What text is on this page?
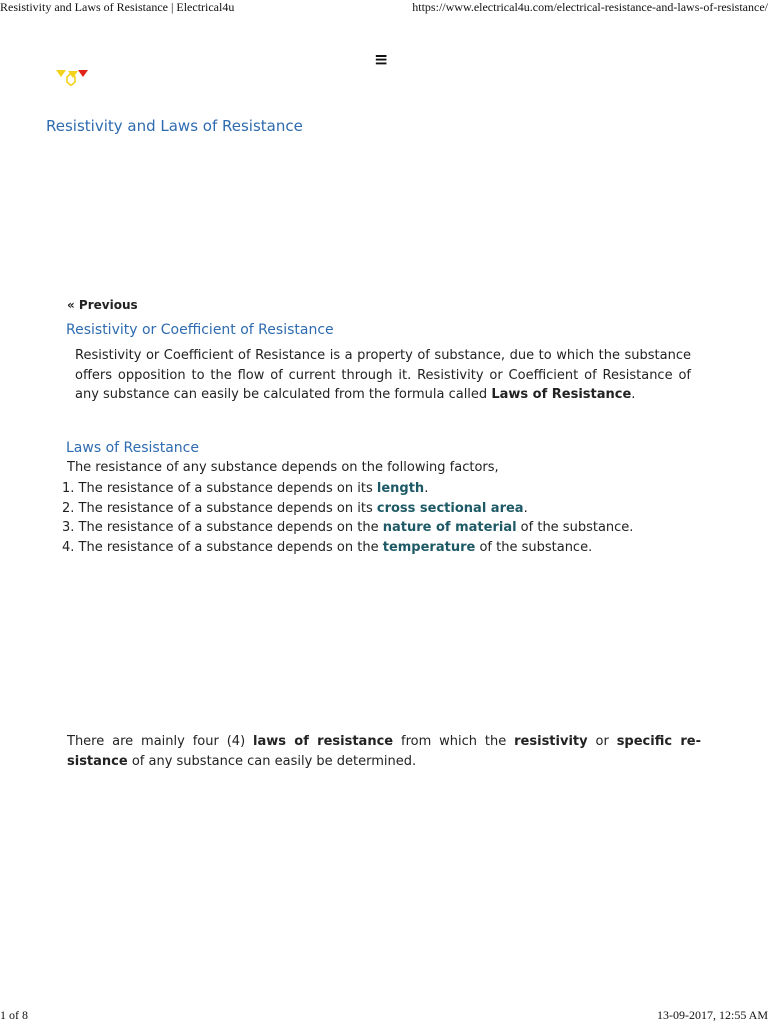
Resistivity and Laws of Resistance | Electrical4u	https://www.electrical4u.com/electrical-resistance-and-laws-of-resistance/
≡
Resistivity and Laws of Resistance
« Previous
Resistivity or Coefficient of Resistance

Resistivity or Coefficient of Resistance is a property of substance, due to which the substance offers opposition to the flow of current through it. Resistivity or Coefficient of Resistance of any substance can easily be calculated from the formula called Laws of Resistance.

Laws of Resistance

The resistance of any substance depends on the following factors,

1. The resistance of a substance depends on its length.
2. The resistance of a substance depends on its cross sectional area.
3. The resistance of a substance depends on the nature of material of the substance.
4. The resistance of a substance depends on the temperature of the substance.

There are mainly four (4) laws of resistance from which the resistivity or specific resistance of any substance can easily be determined.

1 of 8	13-09-2017, 12:55 AM
